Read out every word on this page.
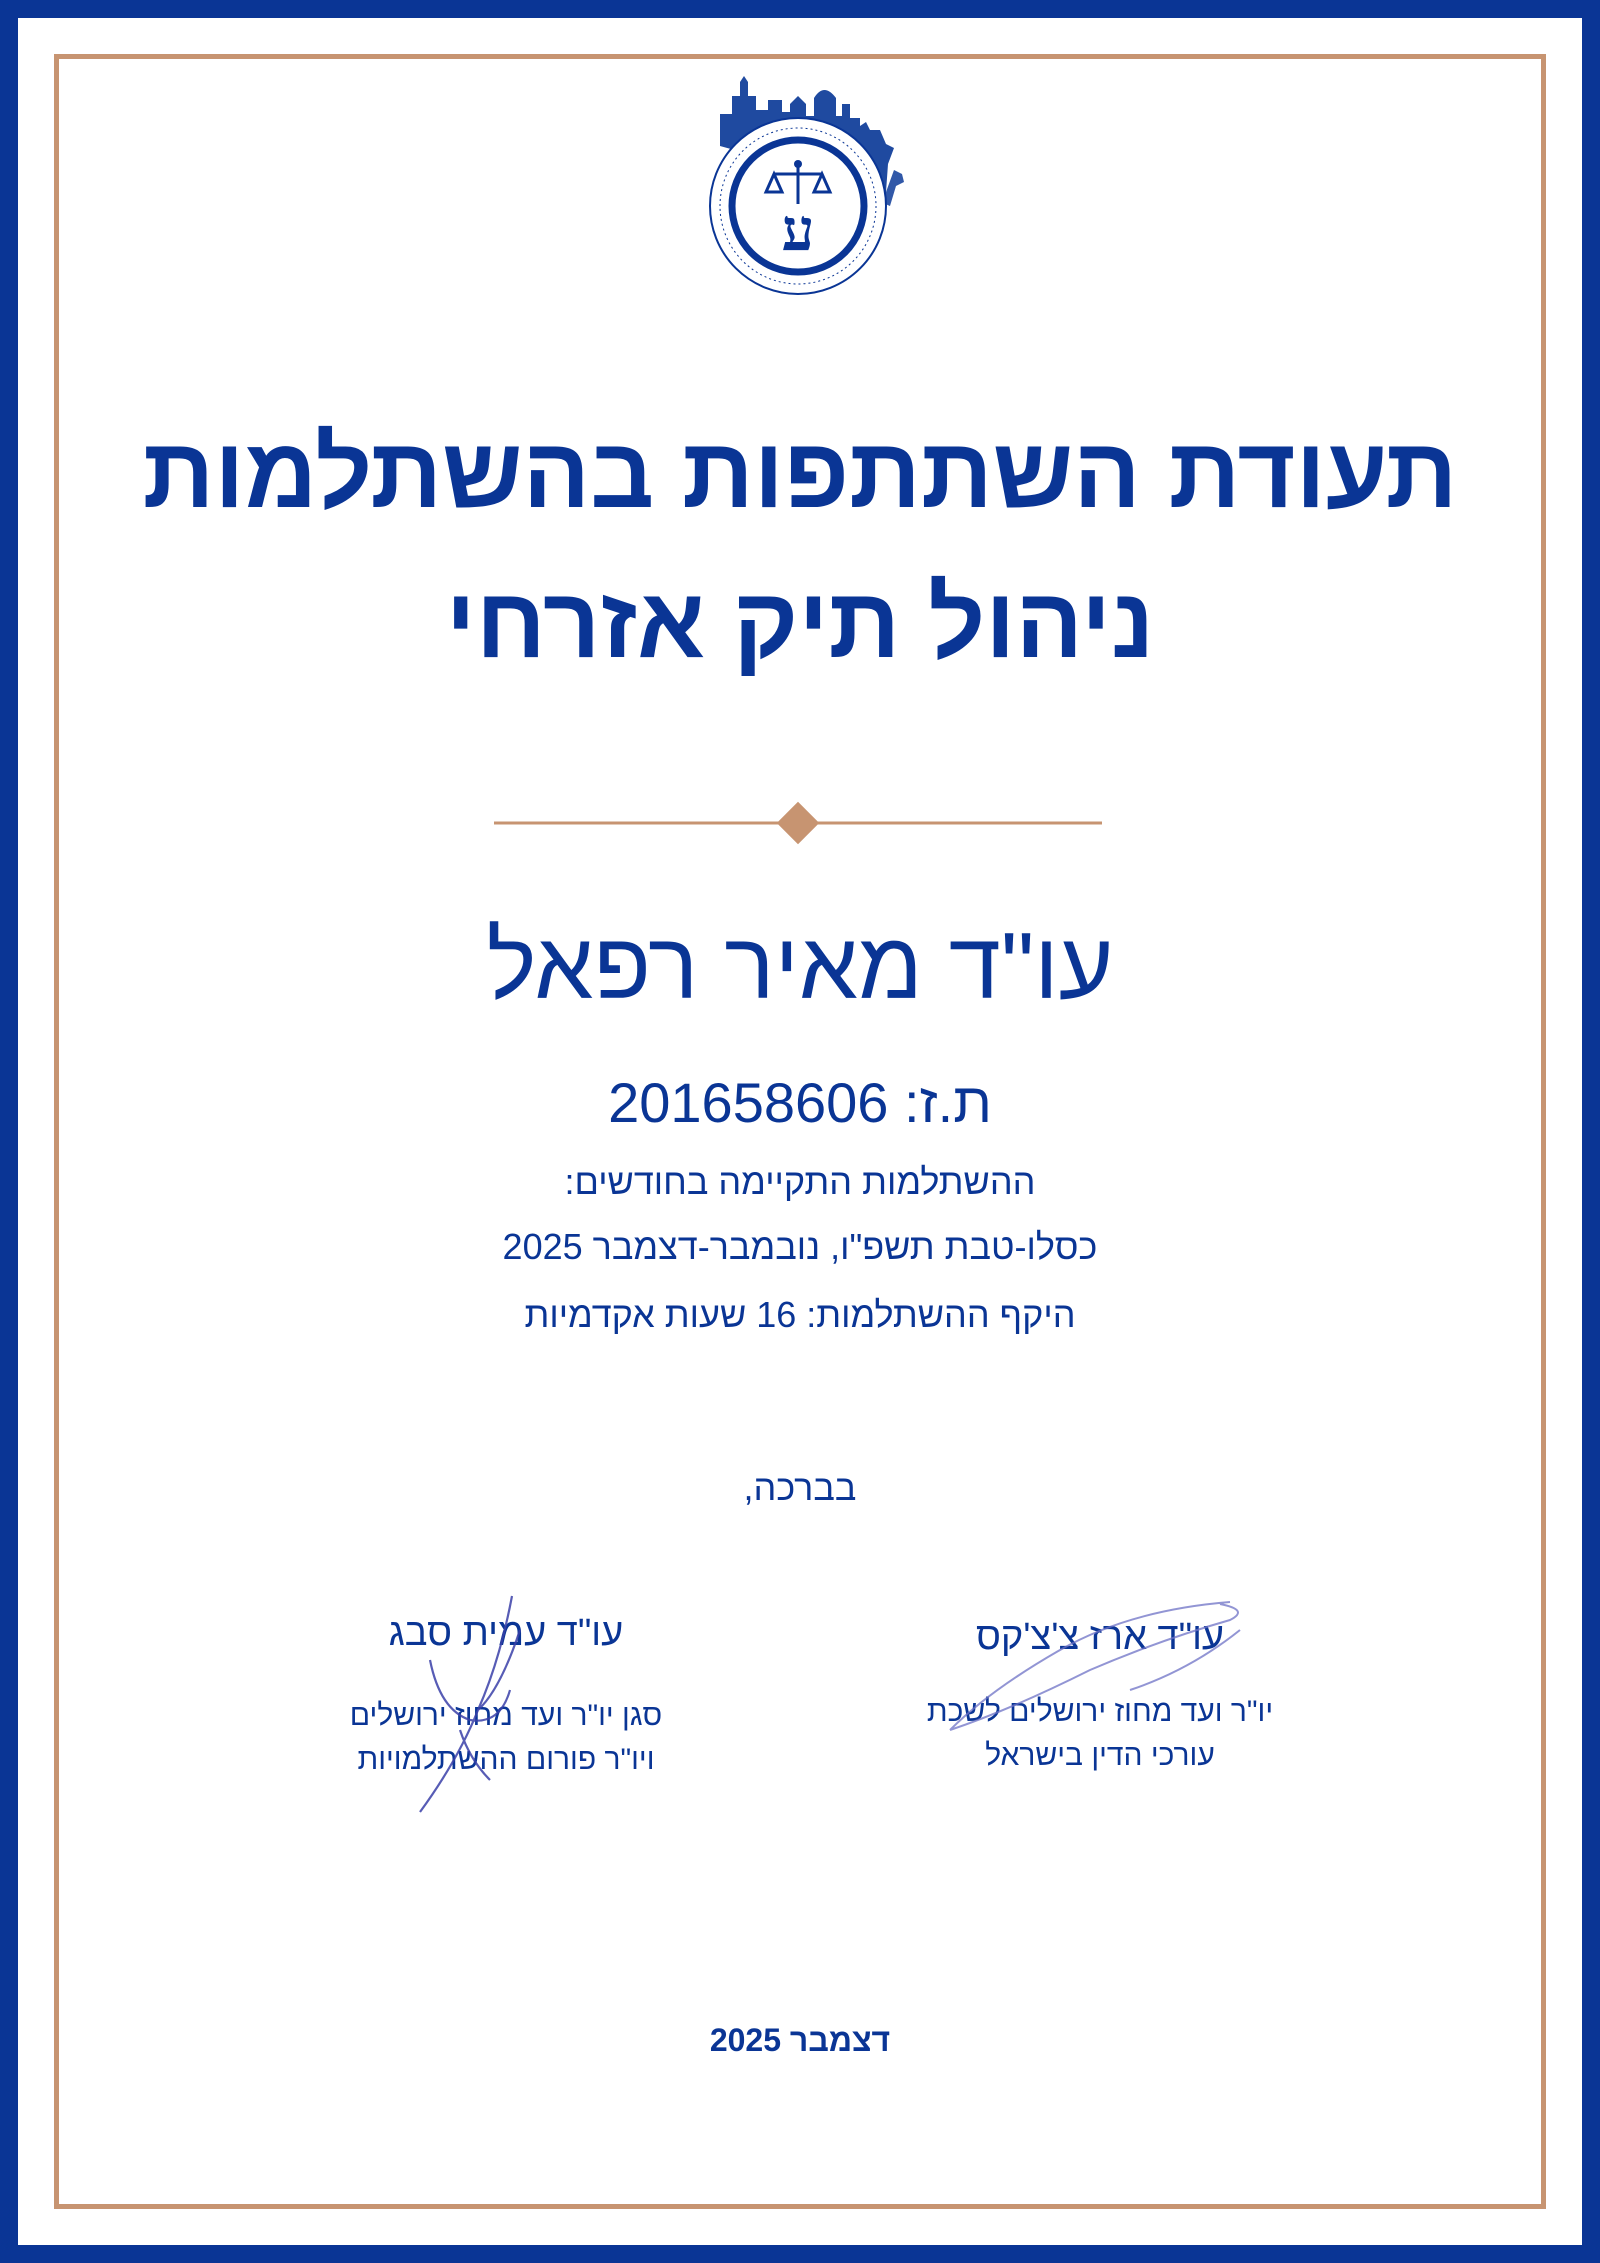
ע
תעודת השתתפות בהשתלמות
ניהול תיק אזרחי
עו"ד מאיר רפאל
ת.ז: 201658606
ההשתלמות התקיימה בחודשים:
כסלו-טבת תשפ"ו, נובמבר-דצמבר 2025
היקף ההשתלמות: 16 שעות אקדמיות
בברכה,
עו"ד ארז צ'צ'קס
יו"ר ועד מחוז ירושלים לשכת
עורכי הדין בישראל
עו"ד עמית סבג
סגן יו"ר ועד מחוז ירושלים
ויו"ר פורום ההשתלמויות
דצמבר 2025
